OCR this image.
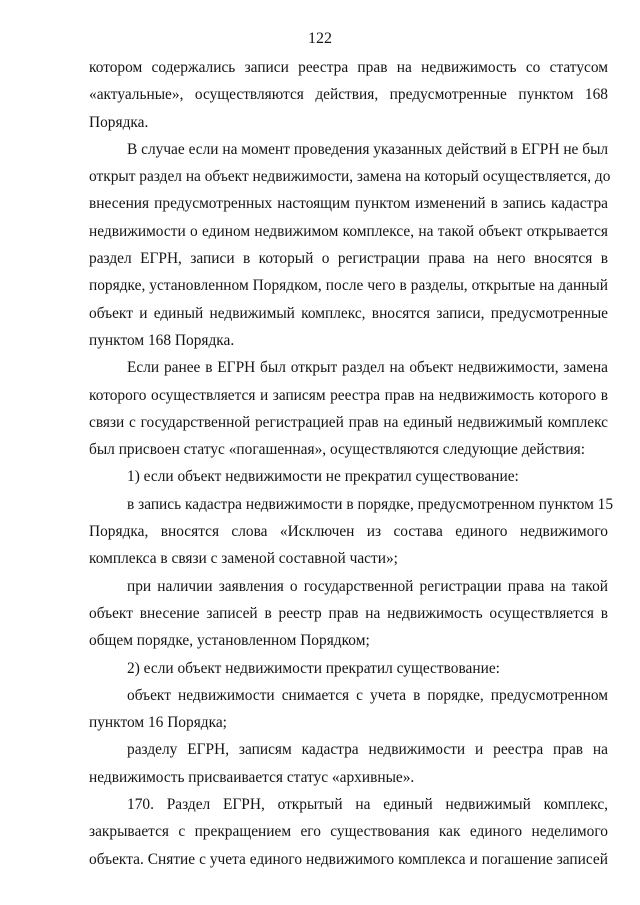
122
котором содержались записи реестра прав на недвижимость со статусом
«актуальные», осуществляются действия, предусмотренные пунктом 168
Порядка.
В случае если на момент проведения указанных действий в ЕГРН не был
открыт раздел на объект недвижимости, замена на который осуществляется, до
внесения предусмотренных настоящим пунктом изменений в запись кадастра
недвижимости о едином недвижимом комплексе, на такой объект открывается
раздел ЕГРН, записи в который о регистрации права на него вносятся в
порядке, установленном Порядком, после чего в разделы, открытые на данный
объект и единый недвижимый комплекс, вносятся записи, предусмотренные
пунктом 168 Порядка.
Если ранее в ЕГРН был открыт раздел на объект недвижимости, замена
которого осуществляется и записям реестра прав на недвижимость которого в
связи с государственной регистрацией прав на единый недвижимый комплекс
был присвоен статус «погашенная», осуществляются следующие действия:
1) если объект недвижимости не прекратил существование:
в запись кадастра недвижимости в порядке, предусмотренном пунктом 15
Порядка, вносятся слова «Исключен из состава единого недвижимого
комплекса в связи с заменой составной части»;
при наличии заявления о государственной регистрации права на такой
объект внесение записей в реестр прав на недвижимость осуществляется в
общем порядке, установленном Порядком;
2) если объект недвижимости прекратил существование:
объект недвижимости снимается с учета в порядке, предусмотренном
пунктом 16 Порядка;
разделу ЕГРН, записям кадастра недвижимости и реестра прав на
недвижимость присваивается статус «архивные».
170. Раздел ЕГРН, открытый на единый недвижимый комплекс,
закрывается с прекращением его существования как единого неделимого
объекта. Снятие с учета единого недвижимого комплекса и погашение записей
